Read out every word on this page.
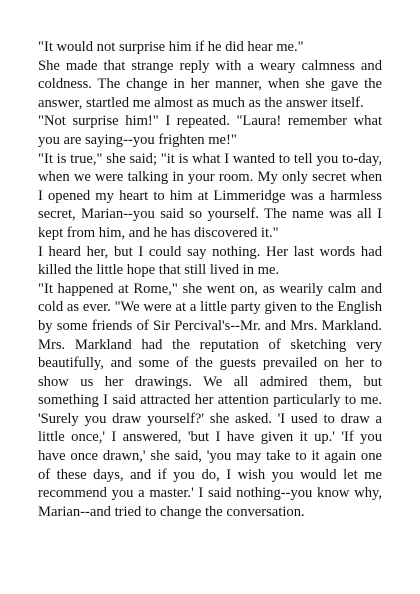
"It would not surprise him if he did hear me."

She made that strange reply with a weary calmness and coldness. The change in her manner, when she gave the answer, startled me almost as much as the answer itself.

"Not surprise him!" I repeated. "Laura! remember what you are saying--you frighten me!"

"It is true," she said; "it is what I wanted to tell you to-day, when we were talking in your room. My only secret when I opened my heart to him at Limmeridge was a harmless secret, Marian--you said so yourself. The name was all I kept from him, and he has discovered it."

I heard her, but I could say nothing. Her last words had killed the little hope that still lived in me.

"It happened at Rome," she went on, as wearily calm and cold as ever. "We were at a little party given to the English by some friends of Sir Percival's--Mr. and Mrs. Markland. Mrs. Markland had the reputation of sketching very beautifully, and some of the guests prevailed on her to show us her drawings. We all admired them, but something I said attracted her attention particularly to me. 'Surely you draw yourself?' she asked. 'I used to draw a little once,' I answered, 'but I have given it up.' 'If you have once drawn,' she said, 'you may take to it again one of these days, and if you do, I wish you would let me recommend you a master.' I said nothing--you know why, Marian--and tried to change the conversation.
